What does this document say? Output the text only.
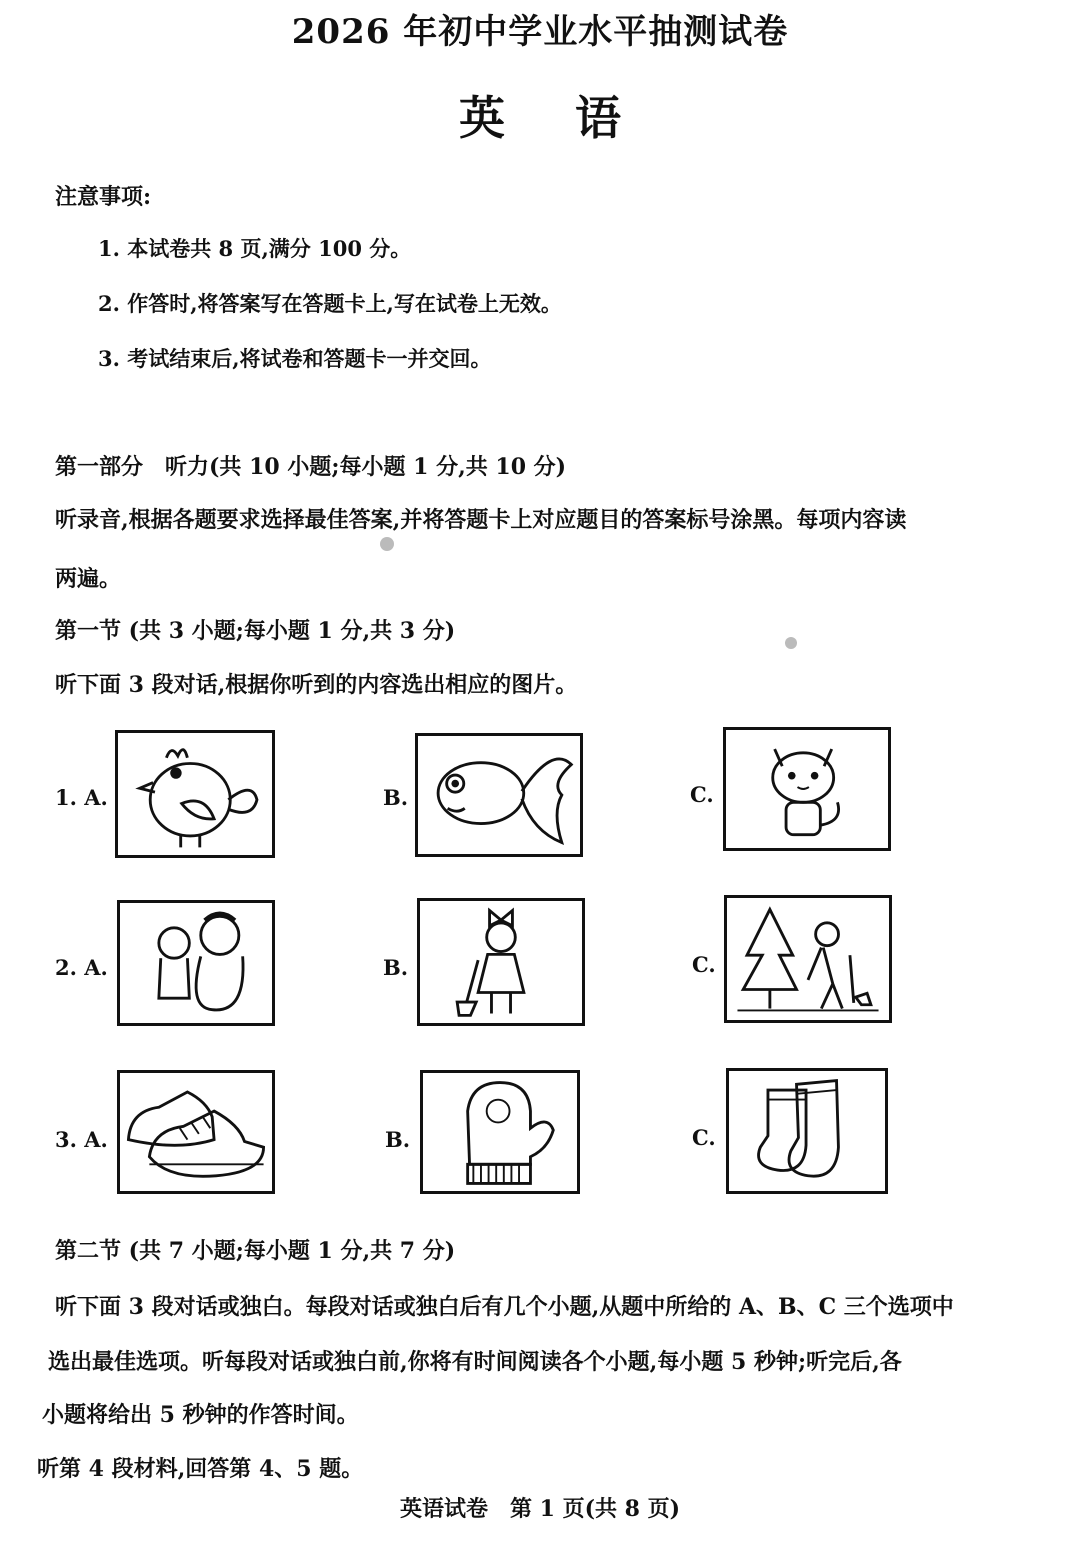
2026 年初中学业水平抽测试卷
英语
注意事项:
1. 本试卷共 8 页,满分 100 分。
2. 作答时,将答案写在答题卡上,写在试卷上无效。
3. 考试结束后,将试卷和答题卡一并交回。
第一部分　听力(共 10 小题;每小题 1 分,共 10 分)
听录音,根据各题要求选择最佳答案,并将答题卡上对应题目的答案标号涂黑。每项内容读
两遍。
第一节 (共 3 小题;每小题 1 分,共 3 分)
听下面 3 段对话,根据你听到的内容选出相应的图片。
1. A.	B.	C.
2. A.	B.	C.
3. A.	B.	C.
第二节 (共 7 小题;每小题 1 分,共 7 分)
听下面 3 段对话或独白。每段对话或独白后有几个小题,从题中所给的 A、B、C 三个选项中
选出最佳选项。听每段对话或独白前,你将有时间阅读各个小题,每小题 5 秒钟;听完后,各
小题将给出 5 秒钟的作答时间。
听第 4 段材料,回答第 4、5 题。
英语试卷　第 1 页(共 8 页)
